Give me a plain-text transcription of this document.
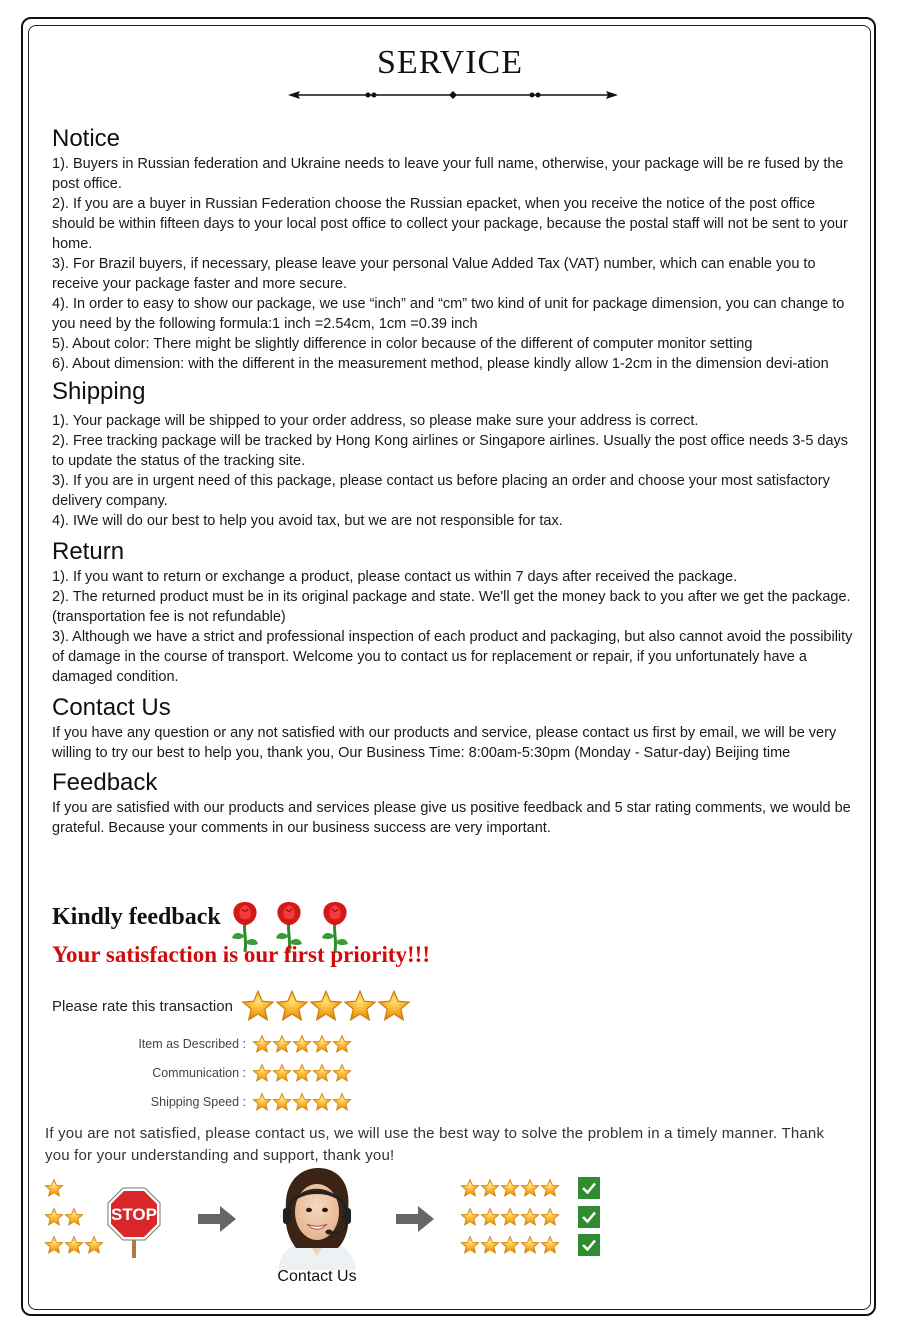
SERVICE
Notice

1). Buyers in Russian federation and Ukraine needs to leave your full name, otherwise, your package will be re fused by the post office.

2). If you are a buyer in Russian Federation choose the Russian epacket, when you receive the notice of the post office should be within fifteen days to your local post office to collect your package, because the postal staff will not be sent to your home.

3). For Brazil buyers, if necessary, please leave your personal Value Added Tax (VAT) number, which can enable you to receive your package faster and more secure.

4). In order to easy to show our package, we use “inch” and “cm” two kind of unit for package dimension, you can change to you need by the following formula:1 inch =2.54cm, 1cm =0.39 inch

5). About color: There might be slightly difference in color because of the different of computer monitor setting

6). About dimension: with the different in the measurement method, please kindly allow 1-2cm in the dimension devi-ation

Shipping

1). Your package will be shipped to your order address, so please make sure your address is correct.

2). Free tracking package will be tracked by Hong Kong airlines or Singapore airlines. Usually the post office needs 3-5 days to update the status of the tracking site.

3). If you are in urgent need of this package, please contact us before placing an order and choose your most satisfactory delivery company.

4). IWe will do our best to help you avoid tax, but we are not responsible for tax.

Return

1). If you want to return or exchange a product, please contact us within 7 days after received the package.

2). The returned product must be in its original package and state. We'll get the money back to you after we get the package. (transportation fee is not refundable)

3). Although we have a strict and professional inspection of each product and packaging, but also cannot avoid the possibility of damage in the course of transport. Welcome you to contact us for replacement or repair, if you unfortunately have a damaged condition.

Contact Us

If you have any question or any not satisfied with our products and service, please contact us first by email, we will be very willing to try our best to help you, thank you, Our Business Time: 8:00am-5:30pm (Monday - Satur-day) Beijing time

Feedback

If you are satisfied with our products and services please give us positive feedback and 5 star rating comments, we would be grateful. Because your comments in our business success are very important.

Kindly feedback
Your satisfaction is our first priority!!!
Please rate this transaction
Item as Described :
Communication :
Shipping Speed :
If you are not satisfied, please contact us, we will use the best way to solve the problem in a timely manner. Thank you for your understanding and support, thank you!
STOP
Contact Us
